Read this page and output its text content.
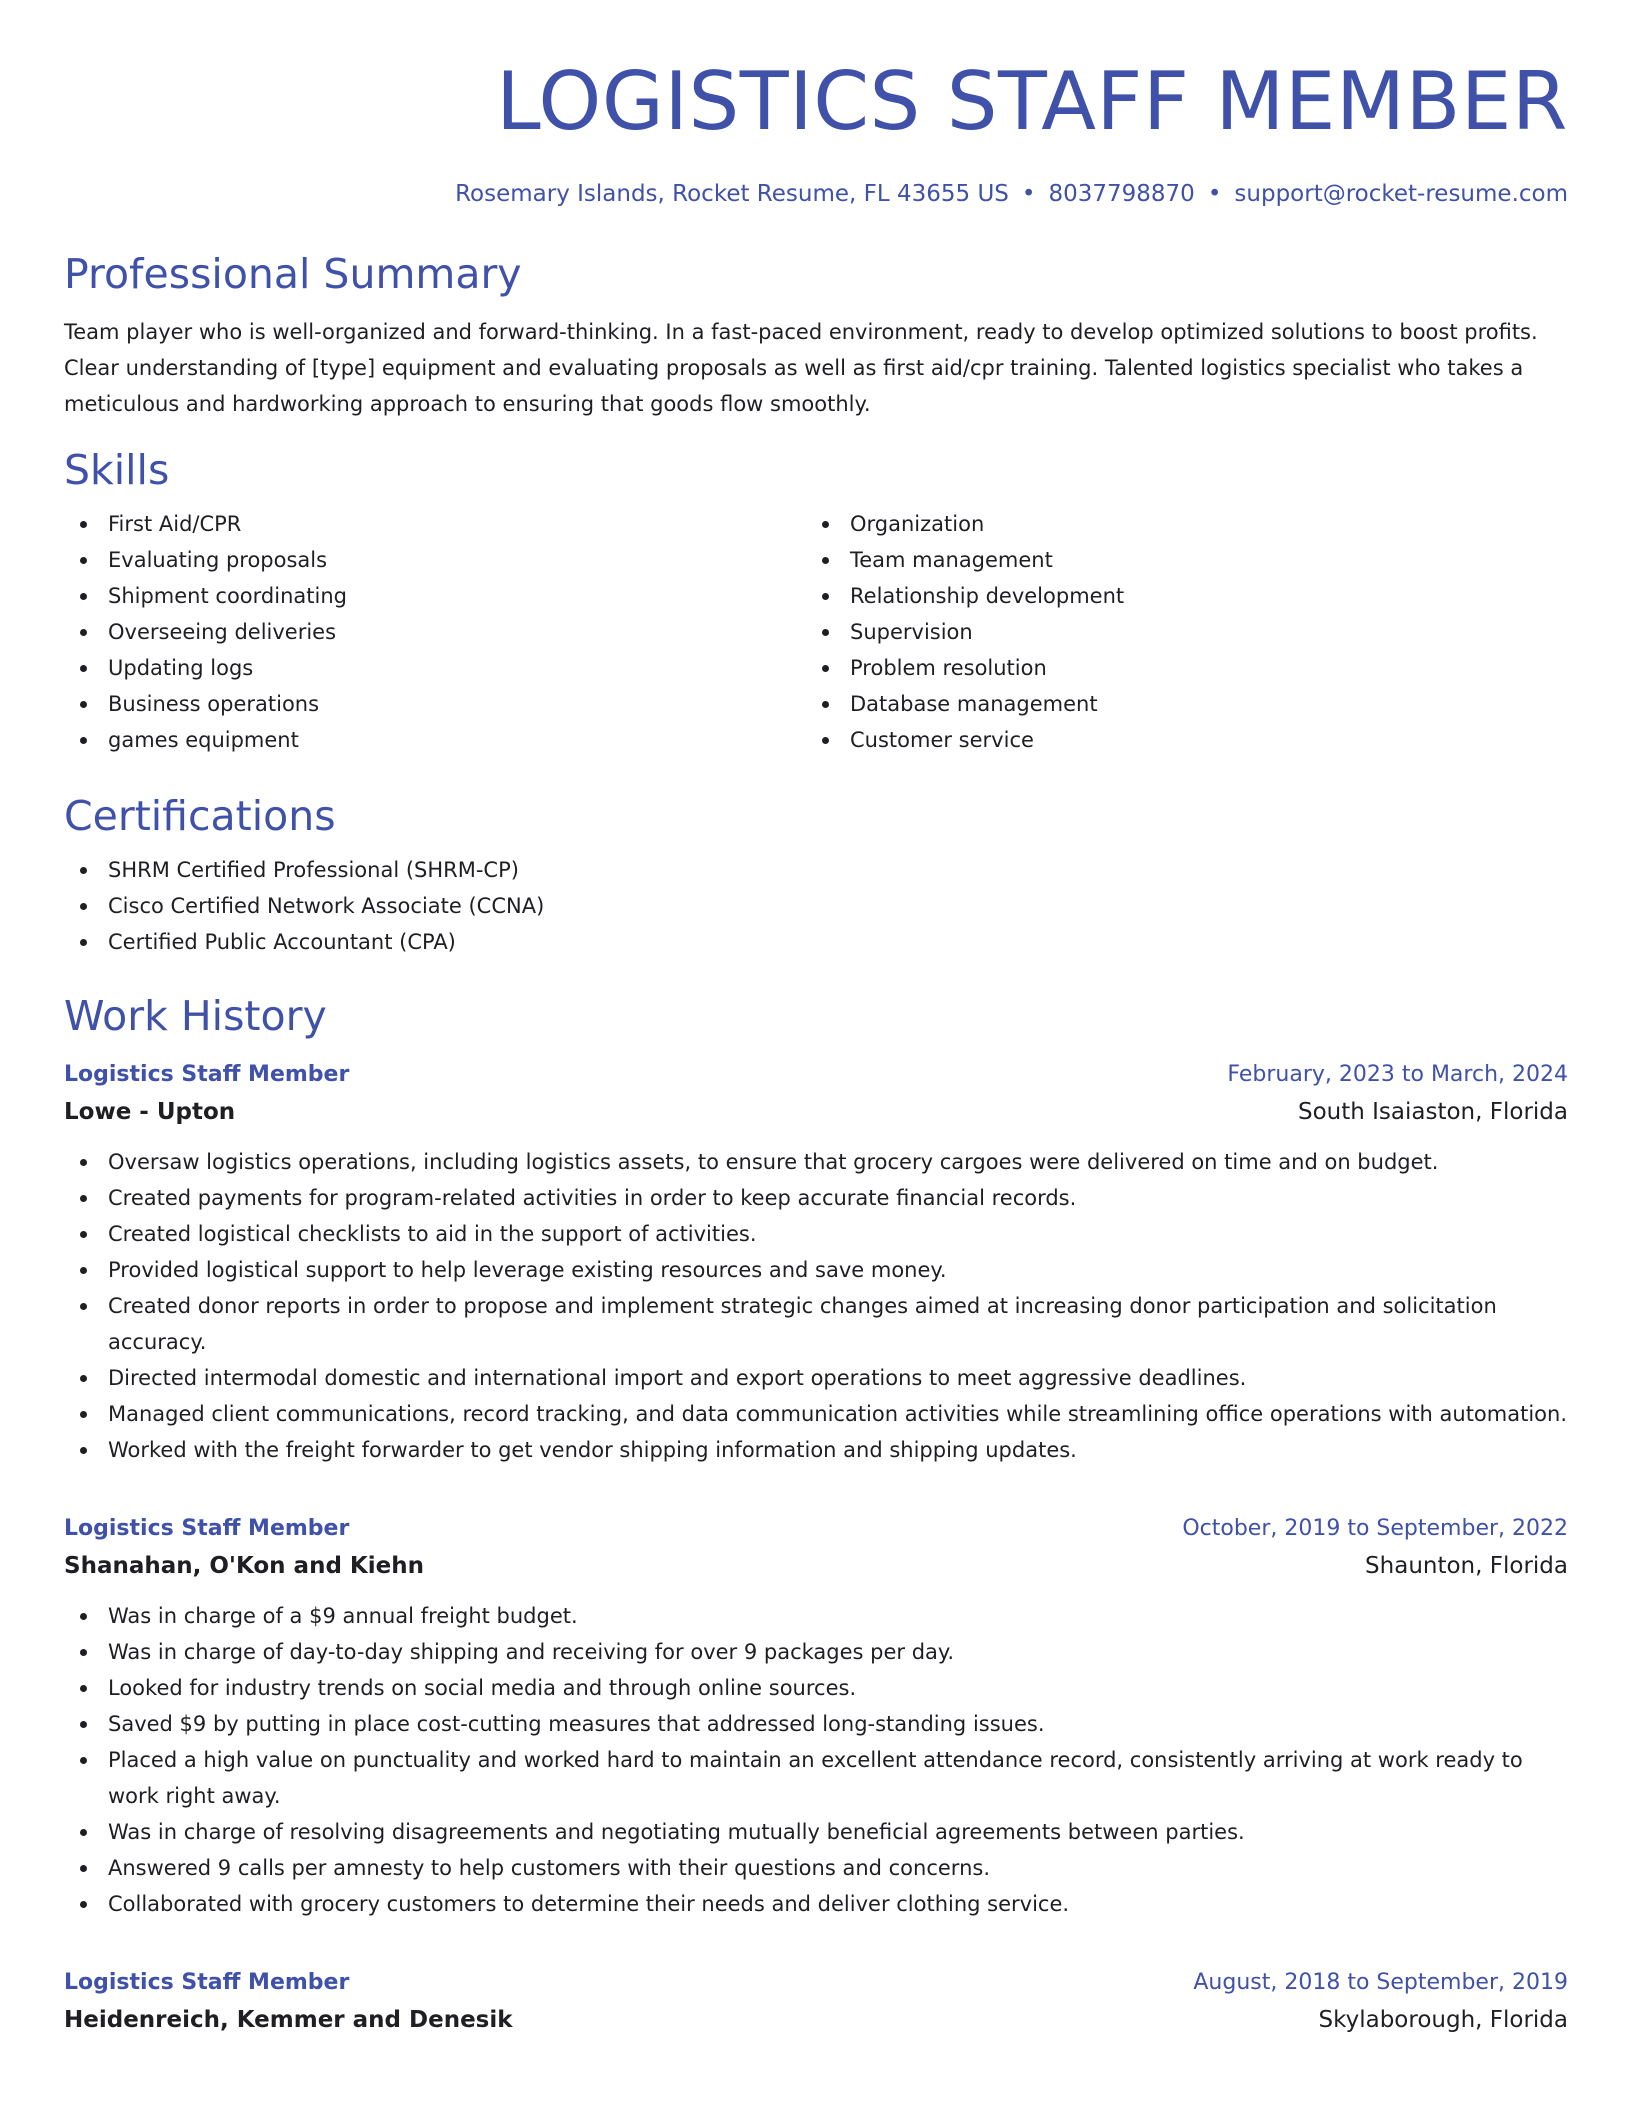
LOGISTICS STAFF MEMBER
Rosemary Islands, Rocket Resume, FL 43655 US • 8037798870 • support@rocket-resume.com
Professional Summary
Team player who is well-organized and forward-thinking. In a fast-paced environment, ready to develop optimized solutions to boost profits. Clear understanding of [type] equipment and evaluating proposals as well as first aid/cpr training. Talented logistics specialist who takes a meticulous and hardworking approach to ensuring that goods flow smoothly.
Skills
First Aid/CPR
Evaluating proposals
Shipment coordinating
Overseeing deliveries
Updating logs
Business operations
games equipment
Organization
Team management
Relationship development
Supervision
Problem resolution
Database management
Customer service
Certifications
SHRM Certified Professional (SHRM-CP)
Cisco Certified Network Associate (CCNA)
Certified Public Accountant (CPA)
Work History
Logistics Staff Member	February, 2023 to March, 2024
Lowe - Upton	South Isaiaston, Florida
Oversaw logistics operations, including logistics assets, to ensure that grocery cargoes were delivered on time and on budget.
Created payments for program-related activities in order to keep accurate financial records.
Created logistical checklists to aid in the support of activities.
Provided logistical support to help leverage existing resources and save money.
Created donor reports in order to propose and implement strategic changes aimed at increasing donor participation and solicitation accuracy.
Directed intermodal domestic and international import and export operations to meet aggressive deadlines.
Managed client communications, record tracking, and data communication activities while streamlining office operations with automation.
Worked with the freight forwarder to get vendor shipping information and shipping updates.
Logistics Staff Member	October, 2019 to September, 2022
Shanahan, O'Kon and Kiehn	Shaunton, Florida
Was in charge of a $9 annual freight budget.
Was in charge of day-to-day shipping and receiving for over 9 packages per day.
Looked for industry trends on social media and through online sources.
Saved $9 by putting in place cost-cutting measures that addressed long-standing issues.
Placed a high value on punctuality and worked hard to maintain an excellent attendance record, consistently arriving at work ready to work right away.
Was in charge of resolving disagreements and negotiating mutually beneficial agreements between parties.
Answered 9 calls per amnesty to help customers with their questions and concerns.
Collaborated with grocery customers to determine their needs and deliver clothing service.
Logistics Staff Member	August, 2018 to September, 2019
Heidenreich, Kemmer and Denesik	Skylaborough, Florida
